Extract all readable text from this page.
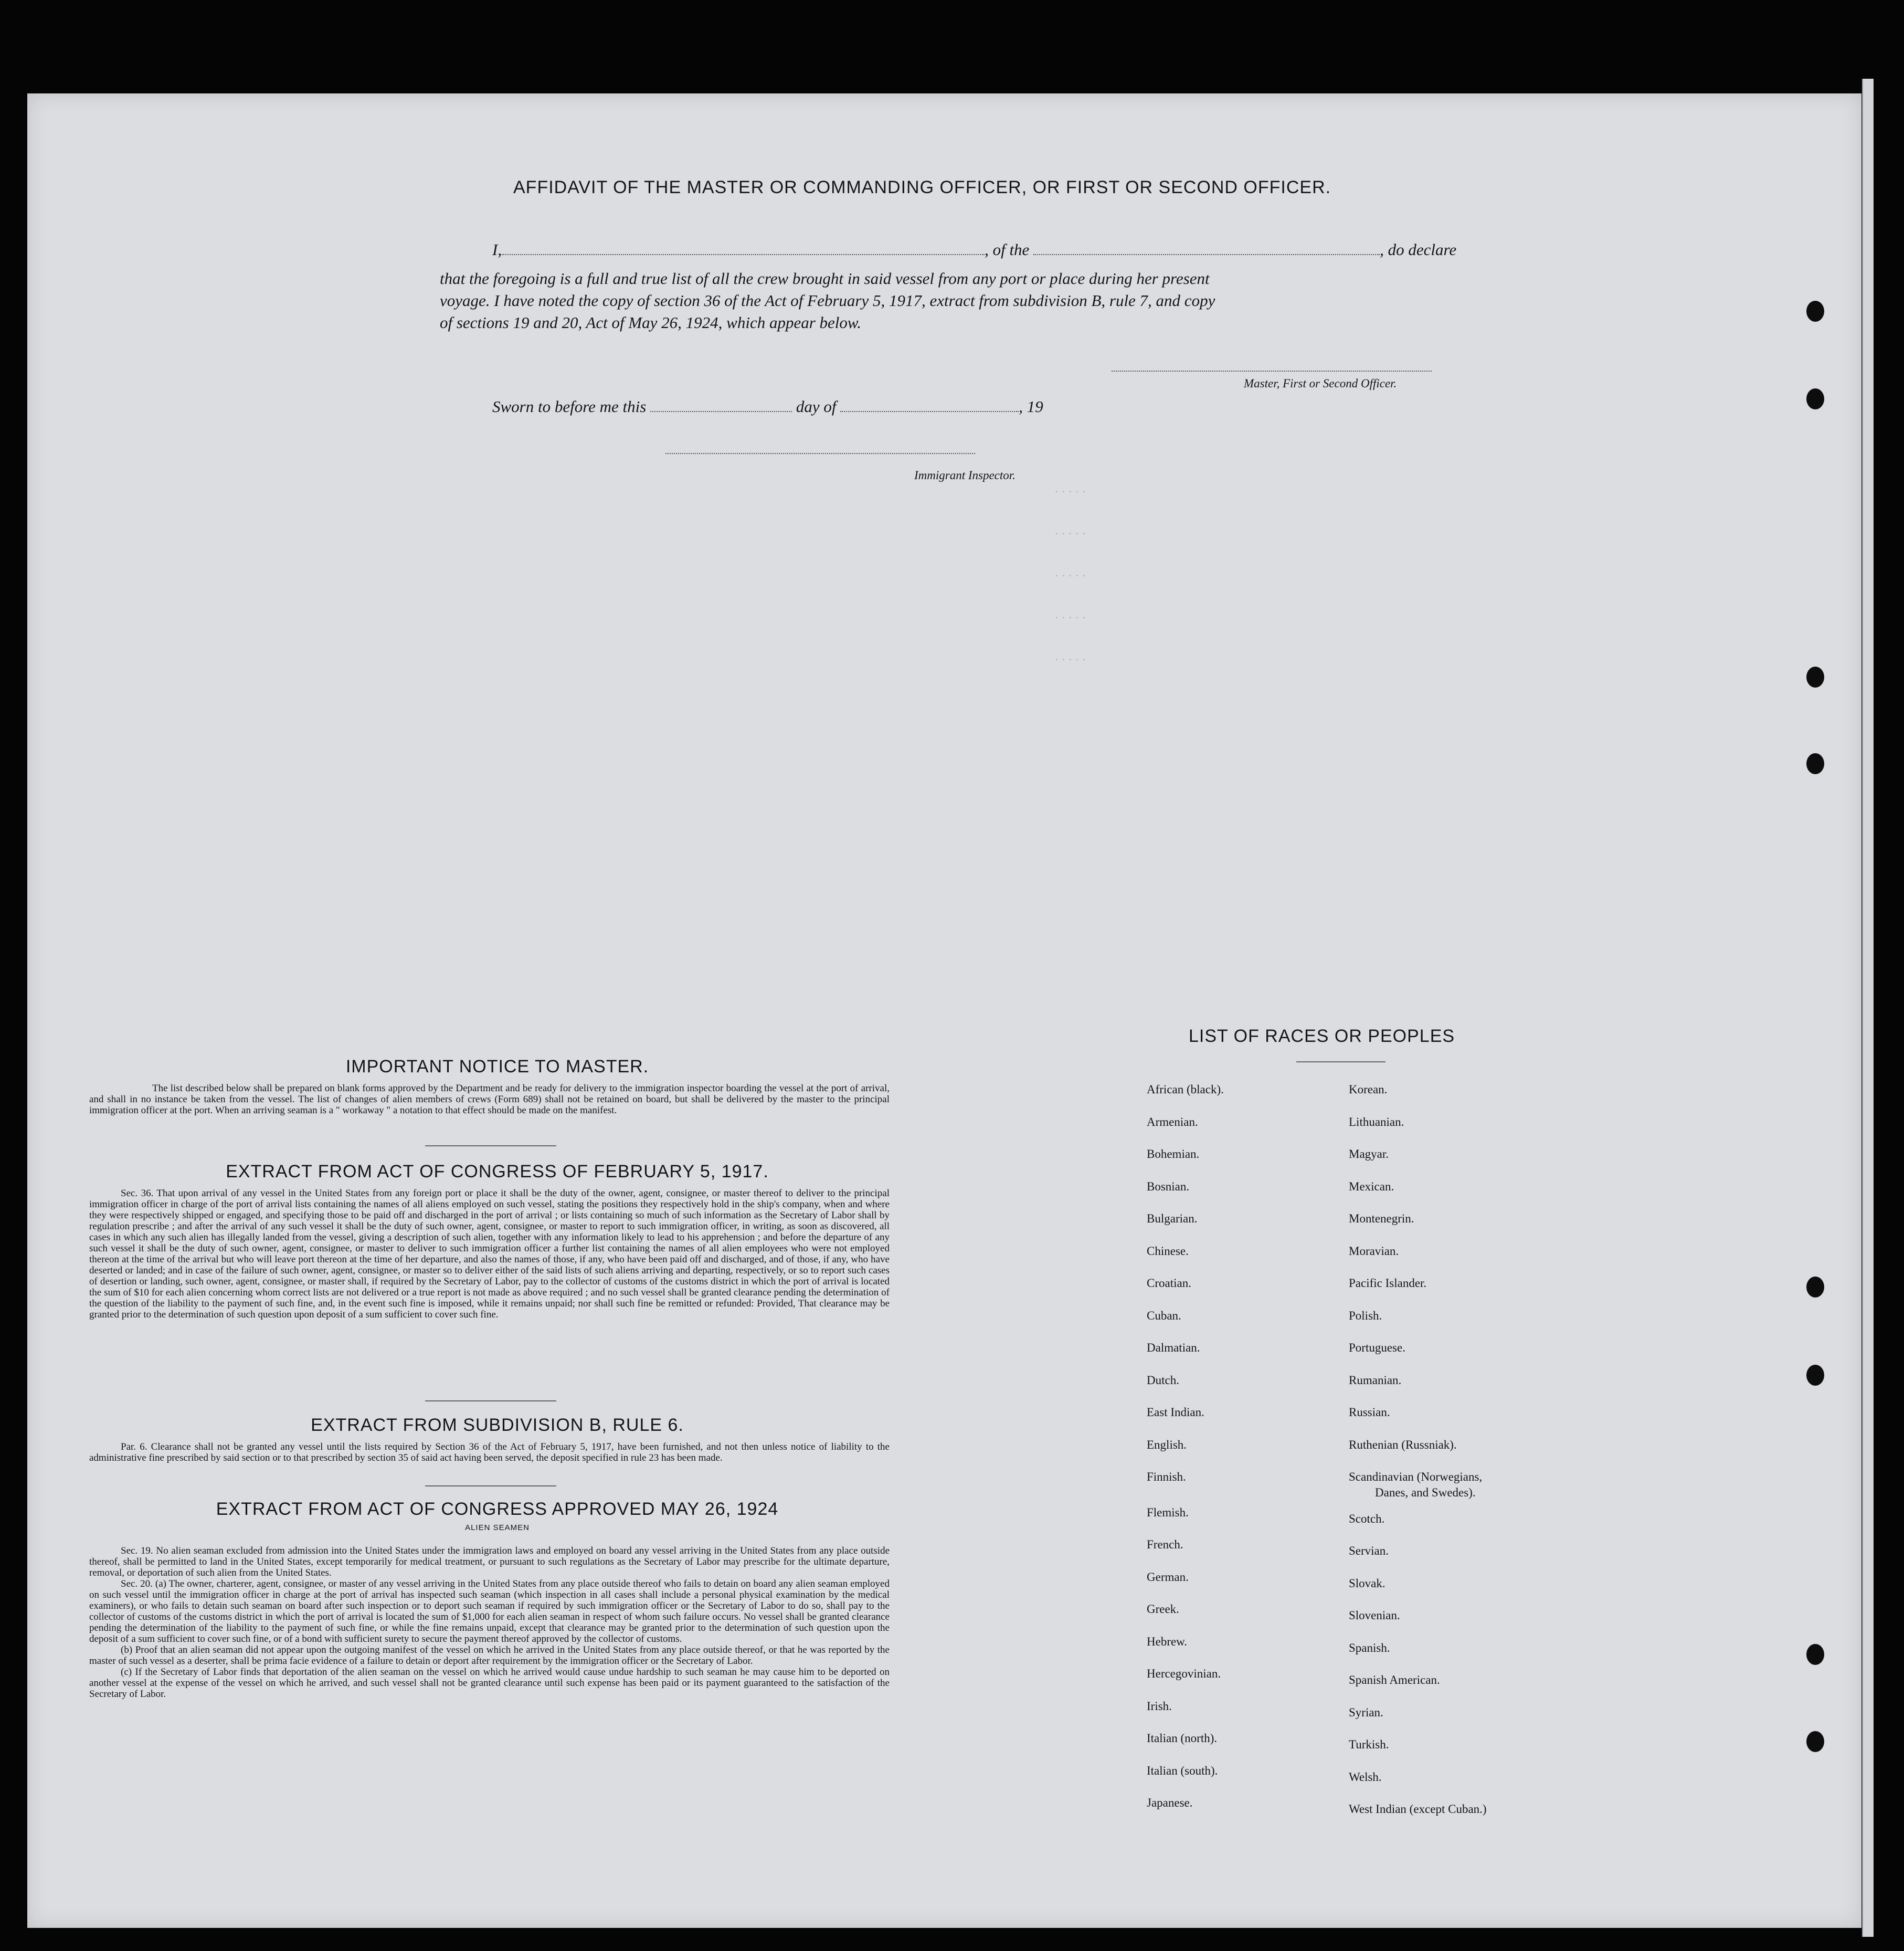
. . . . .
. . . . .
. . . . .
. . . . .
. . . . .
AFFIDAVIT OF THE MASTER OR COMMANDING OFFICER, OR FIRST OR SECOND OFFICER.
I,	, of the	, do declare
that the foregoing is a full and true list of all the crew brought in said vessel from any port or place during her present
voyage. I have noted the copy of section 36 of the Act of February 5, 1917, extract from subdivision B, rule 7, and copy
of sections 19 and 20, Act of May 26, 1924, which appear below.
Master, First or Second Officer.
Sworn to before me this	day of	, 19
Immigrant Inspector.
IMPORTANT NOTICE TO MASTER.
The list described below shall be prepared on blank forms approved by the Department and be ready for delivery to the immigration inspector boarding the vessel at the port of arrival, and shall in no instance be taken from the vessel. The list of changes of alien members of crews (Form 689) shall not be retained on board, but shall be delivered by the master to the principal immigration officer at the port. When an arriving seaman is a " workaway " a notation to that effect should be made on the manifest.
EXTRACT FROM ACT OF CONGRESS OF FEBRUARY 5, 1917.
Sec. 36. That upon arrival of any vessel in the United States from any foreign port or place it shall be the duty of the owner, agent, consignee, or master thereof to deliver to the principal immigration officer in charge of the port of arrival lists containing the names of all aliens employed on such vessel, stating the positions they respectively hold in the ship's company, when and where they were respectively shipped or engaged, and specifying those to be paid off and discharged in the port of arrival ; or lists containing so much of such information as the Secretary of Labor shall by regulation prescribe ; and after the arrival of any such vessel it shall be the duty of such owner, agent, consignee, or master to report to such immigration officer, in writing, as soon as discovered, all cases in which any such alien has illegally landed from the vessel, giving a description of such alien, together with any information likely to lead to his apprehension ; and before the departure of any such vessel it shall be the duty of such owner, agent, consignee, or master to deliver to such immigration officer a further list containing the names of all alien employees who were not employed thereon at the time of the arrival but who will leave port thereon at the time of her departure, and also the names of those, if any, who have been paid off and discharged, and of those, if any, who have deserted or landed; and in case of the failure of such owner, agent, consignee, or master so to deliver either of the said lists of such aliens arriving and departing, respectively, or so to report such cases of desertion or landing, such owner, agent, consignee, or master shall, if required by the Secretary of Labor, pay to the collector of customs of the customs district in which the port of arrival is located the sum of $10 for each alien concerning whom correct lists are not delivered or a true report is not made as above required ; and no such vessel shall be granted clearance pending the determination of the question of the liability to the payment of such fine, and, in the event such fine is imposed, while it remains unpaid; nor shall such fine be remitted or refunded: Provided, That clearance may be granted prior to the determination of such question upon deposit of a sum sufficient to cover such fine.
EXTRACT FROM SUBDIVISION B, RULE 6.
Par. 6. Clearance shall not be granted any vessel until the lists required by Section 36 of the Act of February 5, 1917, have been furnished, and not then unless notice of liability to the administrative fine prescribed by said section or to that prescribed by section 35 of said act having been served, the deposit specified in rule 23 has been made.
EXTRACT FROM ACT OF CONGRESS APPROVED MAY 26, 1924
ALIEN SEAMEN
Sec. 19. No alien seaman excluded from admission into the United States under the immigration laws and employed on board any vessel arriving in the United States from any place outside thereof, shall be permitted to land in the United States, except temporarily for medical treatment, or pursuant to such regulations as the Secretary of Labor may prescribe for the ultimate departure, removal, or deportation of such alien from the United States.
Sec. 20. (a) The owner, charterer, agent, consignee, or master of any vessel arriving in the United States from any place outside thereof who fails to detain on board any alien seaman employed on such vessel until the immigration officer in charge at the port of arrival has inspected such seaman (which inspection in all cases shall include a personal physical examination by the medical examiners), or who fails to detain such seaman on board after such inspection or to deport such seaman if required by such immigration officer or the Secretary of Labor to do so, shall pay to the collector of customs of the customs district in which the port of arrival is located the sum of $1,000 for each alien seaman in respect of whom such failure occurs. No vessel shall be granted clearance pending the determination of the liability to the payment of such fine, or while the fine remains unpaid, except that clearance may be granted prior to the determination of such question upon the deposit of a sum sufficient to cover such fine, or of a bond with sufficient surety to secure the payment thereof approved by the collector of customs.
(b) Proof that an alien seaman did not appear upon the outgoing manifest of the vessel on which he arrived in the United States from any place outside thereof, or that he was reported by the master of such vessel as a deserter, shall be prima facie evidence of a failure to detain or deport after requirement by the immigration officer or the Secretary of Labor.
(c) If the Secretary of Labor finds that deportation of the alien seaman on the vessel on which he arrived would cause undue hardship to such seaman he may cause him to be deported on another vessel at the expense of the vessel on which he arrived, and such vessel shall not be granted clearance until such expense has been paid or its payment guaranteed to the satisfaction of the Secretary of Labor.
LIST OF RACES OR PEOPLES
African (black).
Armenian.
Bohemian.
Bosnian.
Bulgarian.
Chinese.
Croatian.
Cuban.
Dalmatian.
Dutch.
East Indian.
English.
Finnish.
Flemish.
French.
German.
Greek.
Hebrew.
Hercegovinian.
Irish.
Italian (north).
Italian (south).
Japanese.
Korean.
Lithuanian.
Magyar.
Mexican.
Montenegrin.
Moravian.
Pacific Islander.
Polish.
Portuguese.
Rumanian.
Russian.
Ruthenian (Russniak).
Scandinavian (Norwegians,
Scotch.
Servian.
Slovak.
Slovenian.
Spanish.
Spanish American.
Syrian.
Turkish.
Welsh.
West Indian (except Cuban.)
Danes, and Swedes).
